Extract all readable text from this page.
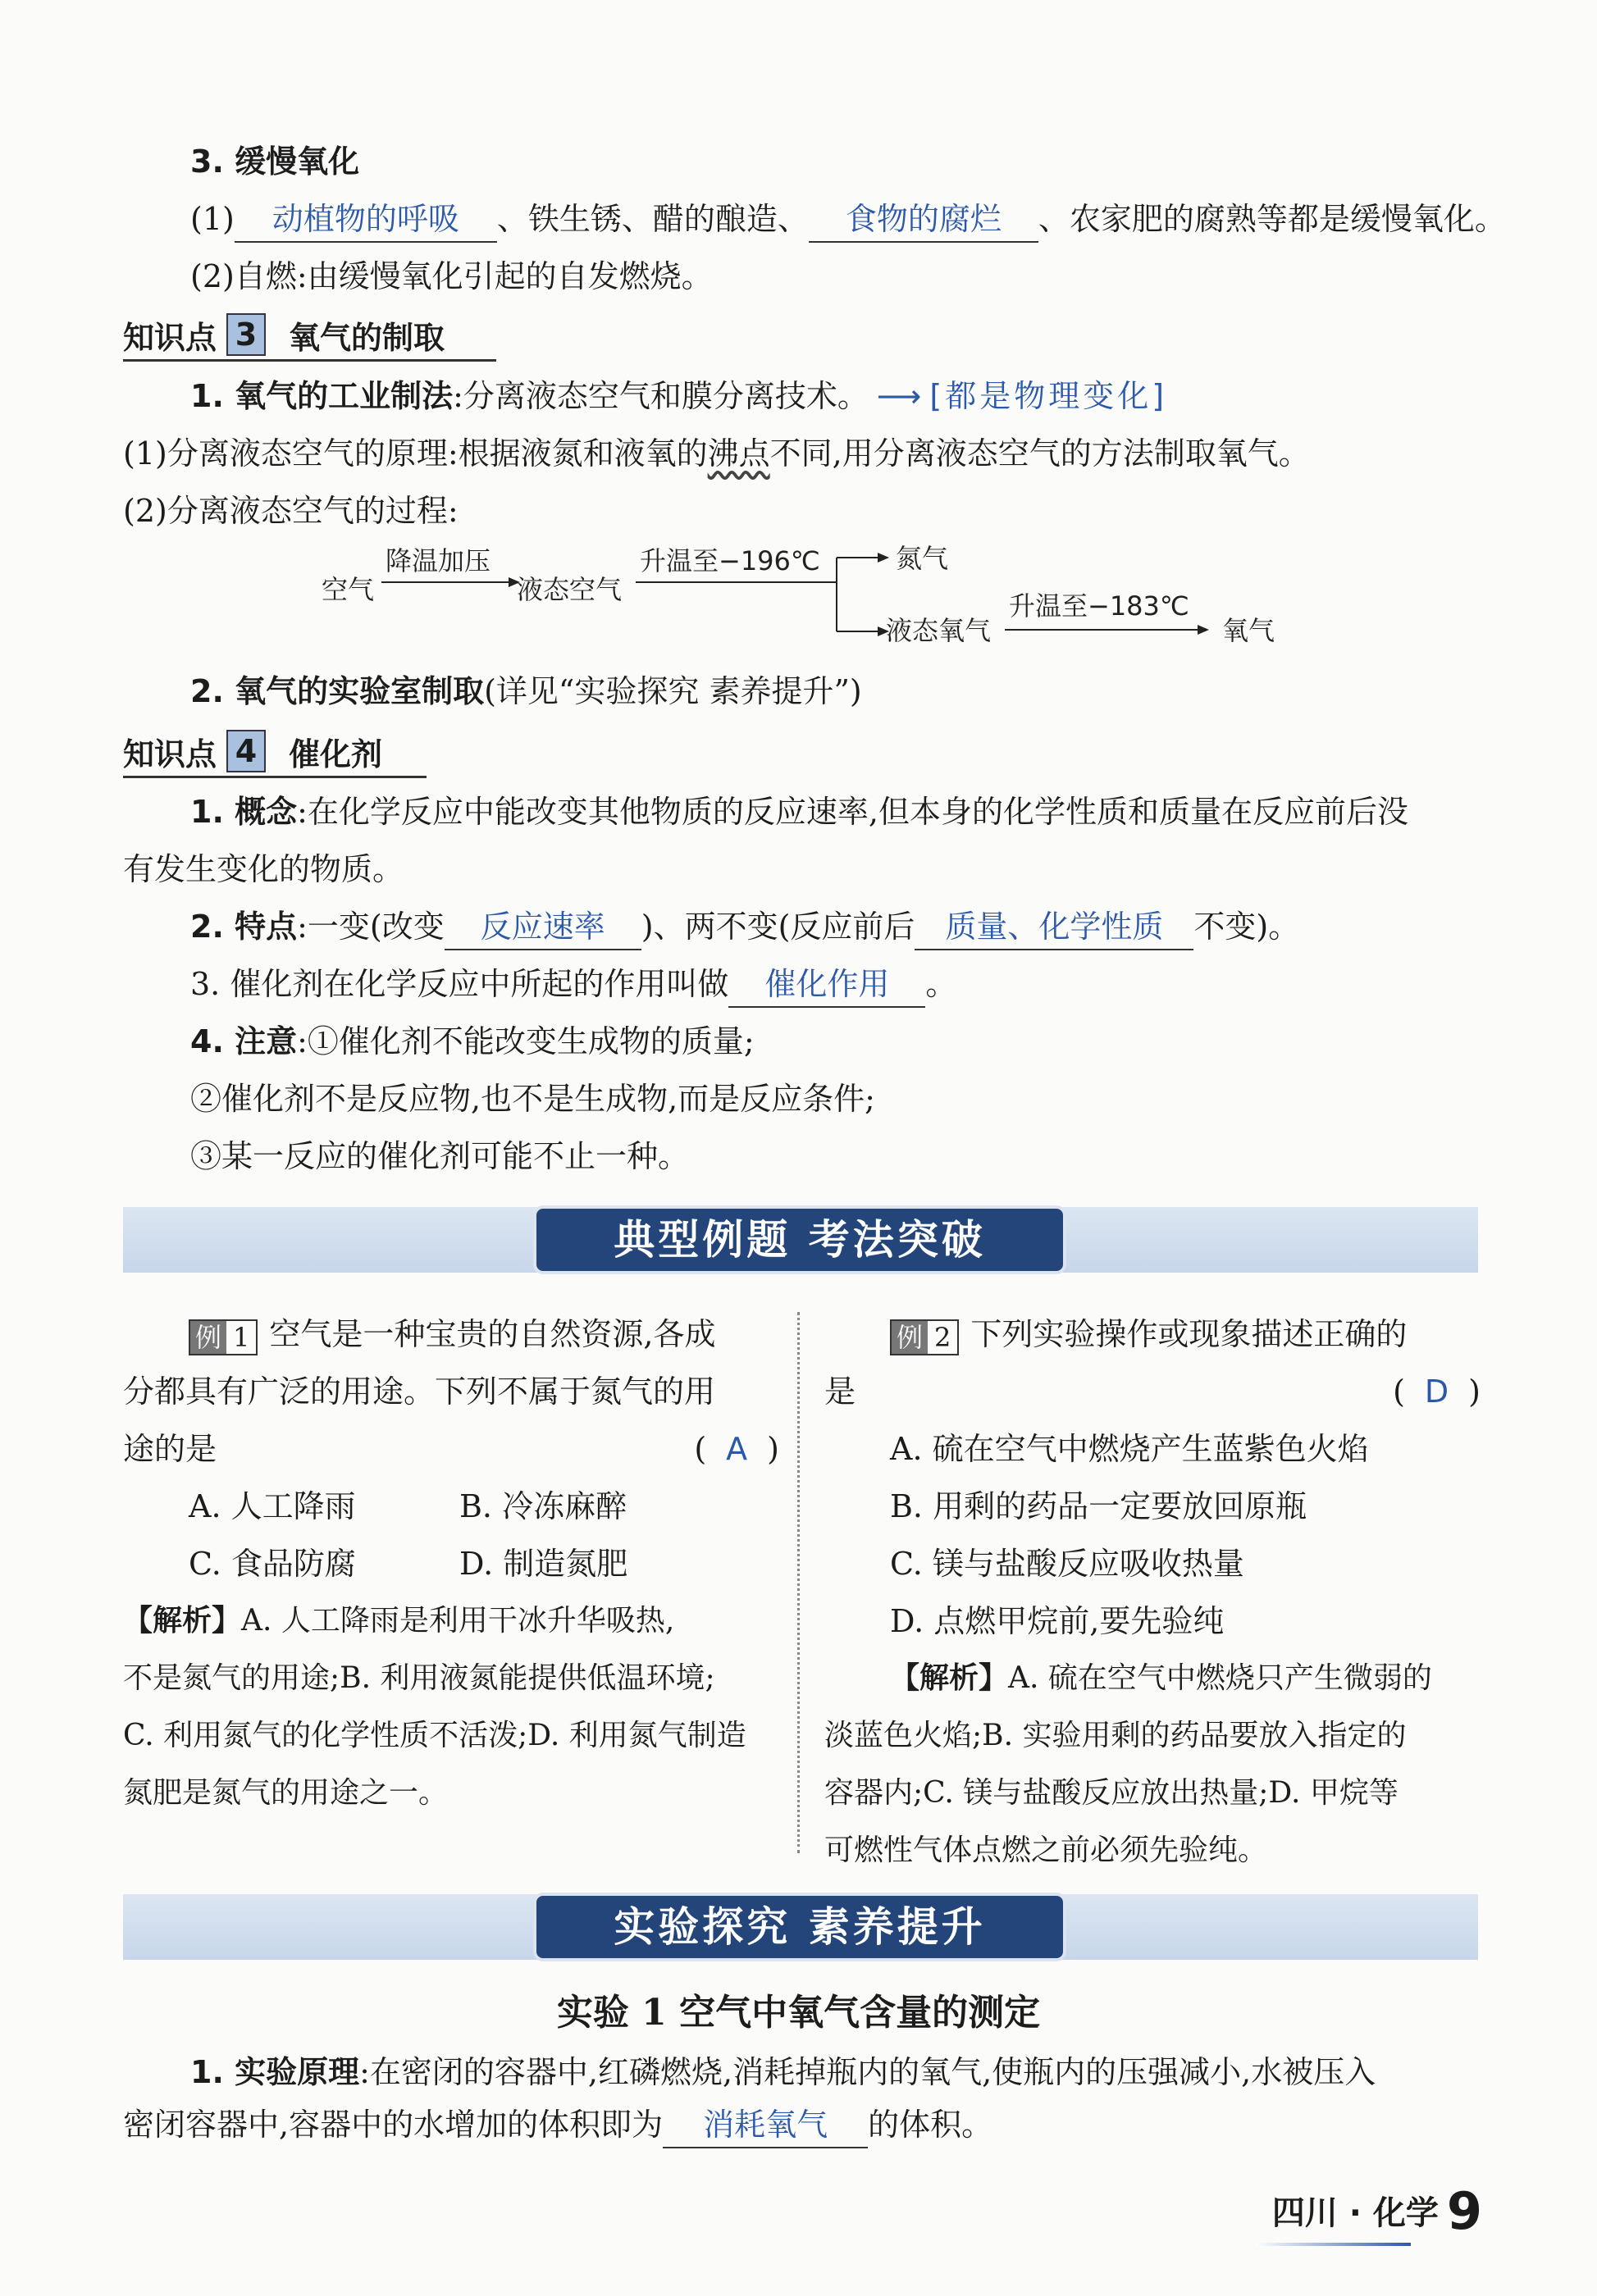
3. 缓慢氧化
(1) 动植物的呼吸 、铁生锈、醋的酿造、 食物的腐烂 、农家肥的腐熟等都是缓慢氧化。
(2)自燃:由缓慢氧化引起的自发燃烧。
知识点 3 氧气的制取
1. 氧气的工业制法:分离液态空气和膜分离技术。 ⟶ [都是物理变化]
(1)分离液态空气的原理:根据液氮和液氧的沸点不同,用分离液态空气的方法制取氧气。
(2)分离液态空气的过程:
空气
降温加压
液态空气
升温至−196℃	氮气
液态氧气
升温至−183℃
氧气
2. 氧气的实验室制取(详见“实验探究 素养提升”)
知识点 4 催化剂
1. 概念:在化学反应中能改变其他物质的反应速率,但本身的化学性质和质量在反应前后没
有发生变化的物质。
2. 特点:一变(改变 反应速率 )、两不变(反应前后 质量、化学性质 不变)。
3. 催化剂在化学反应中所起的作用叫做 催化作用 。
4. 注意:①催化剂不能改变生成物的质量;
②催化剂不是反应物,也不是生成物,而是反应条件;
③某一反应的催化剂可能不止一种。
典型例题 考法突破
例 1 空气是一种宝贵的自然资源,各成
分都具有广泛的用途。下列不属于氮气的用
途的是	( A )
A. 人工降雨	B. 冷冻麻醉
C. 食品防腐	D. 制造氮肥
【解析】A. 人工降雨是利用干冰升华吸热,
不是氮气的用途;B. 利用液氮能提供低温环境;
C. 利用氮气的化学性质不活泼;D. 利用氮气制造
氮肥是氮气的用途之一。
例 2 下列实验操作或现象描述正确的
是	( D )
A. 硫在空气中燃烧产生蓝紫色火焰
B. 用剩的药品一定要放回原瓶
C. 镁与盐酸反应吸收热量
D. 点燃甲烷前,要先验纯
【解析】A. 硫在空气中燃烧只产生微弱的
淡蓝色火焰;B. 实验用剩的药品要放入指定的
容器内;C. 镁与盐酸反应放出热量;D. 甲烷等
可燃性气体点燃之前必须先验纯。
实验探究 素养提升
实验 1 空气中氧气含量的测定
1. 实验原理:在密闭的容器中,红磷燃烧,消耗掉瓶内的氧气,使瓶内的压强减小,水被压入
密闭容器中,容器中的水增加的体积即为 消耗氧气 的体积。
四川 · 化学 9
